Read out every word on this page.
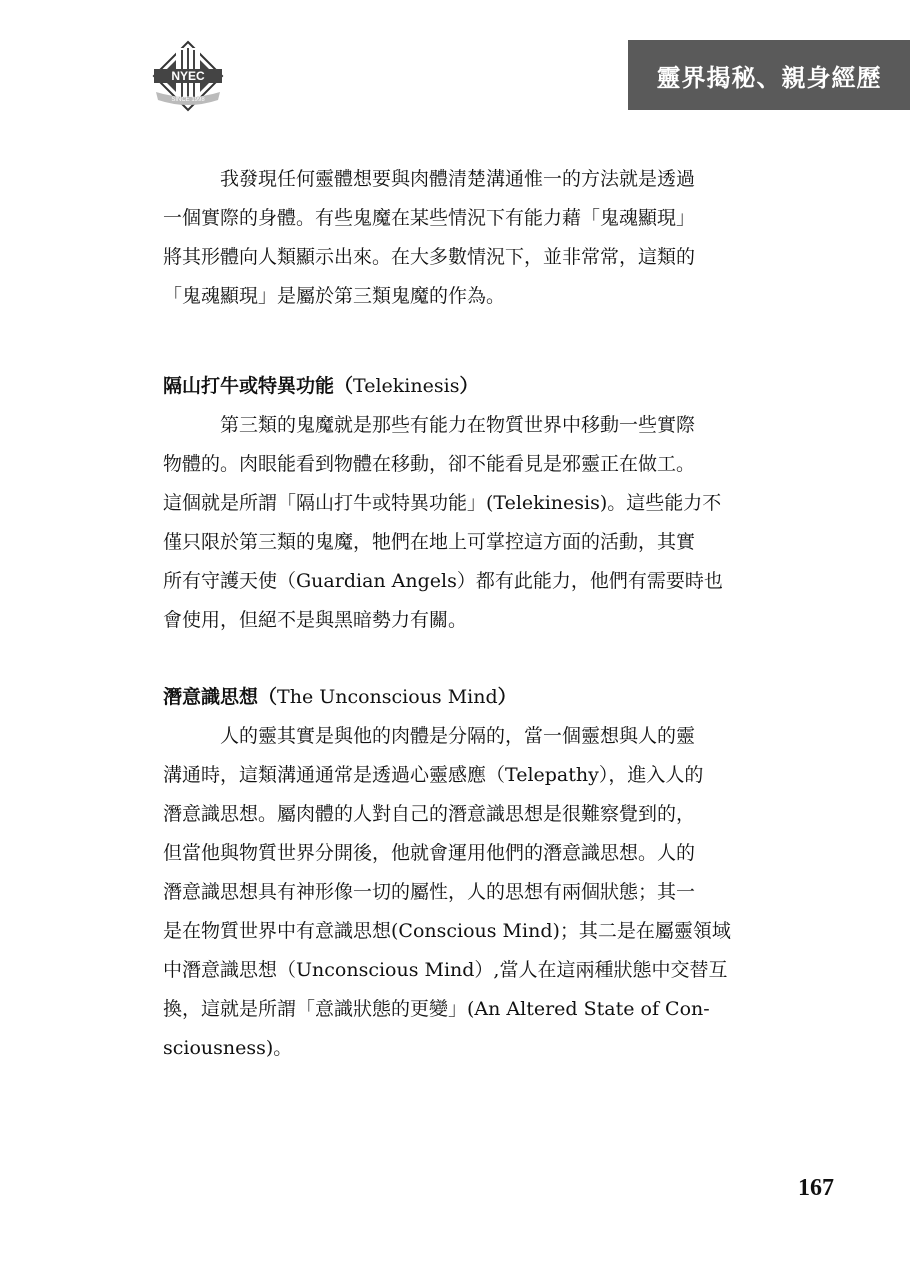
NYEC
SINCE 1998
靈界揭秘、親身經歷

我發現任何靈體想要與肉體清楚溝通惟一的方法就是透過
一個實際的身體。有些鬼魔在某些情況下有能力藉「鬼魂顯現」
將其形體向人類顯示出來。在大多數情況下，並非常常，這類的
「鬼魂顯現」是屬於第三類鬼魔的作為。

隔山打牛或特異功能（Telekinesis）

第三類的鬼魔就是那些有能力在物質世界中移動一些實際
物體的。肉眼能看到物體在移動，卻不能看見是邪靈正在做工。
這個就是所謂「隔山打牛或特異功能」(Telekinesis)。這些能力不
僅只限於第三類的鬼魔，牠們在地上可掌控這方面的活動，其實
所有守護天使（Guardian Angels）都有此能力，他們有需要時也
會使用，但絕不是與黑暗勢力有關。

潛意識思想（The Unconscious Mind）

人的靈其實是與他的肉體是分隔的，當一個靈想與人的靈
溝通時，這類溝通通常是透過心靈感應（Telepathy），進入人的
潛意識思想。屬肉體的人對自己的潛意識思想是很難察覺到的，
但當他與物質世界分開後，他就會運用他們的潛意識思想。人的
潛意識思想具有神形像一切的屬性，人的思想有兩個狀態；其一
是在物質世界中有意識思想(Conscious Mind)；其二是在屬靈領域
中潛意識思想（Unconscious Mind）,當人在這兩種狀態中交替互
換，這就是所謂「意識狀態的更變」(An Altered State of Con-
sciousness)。

167
